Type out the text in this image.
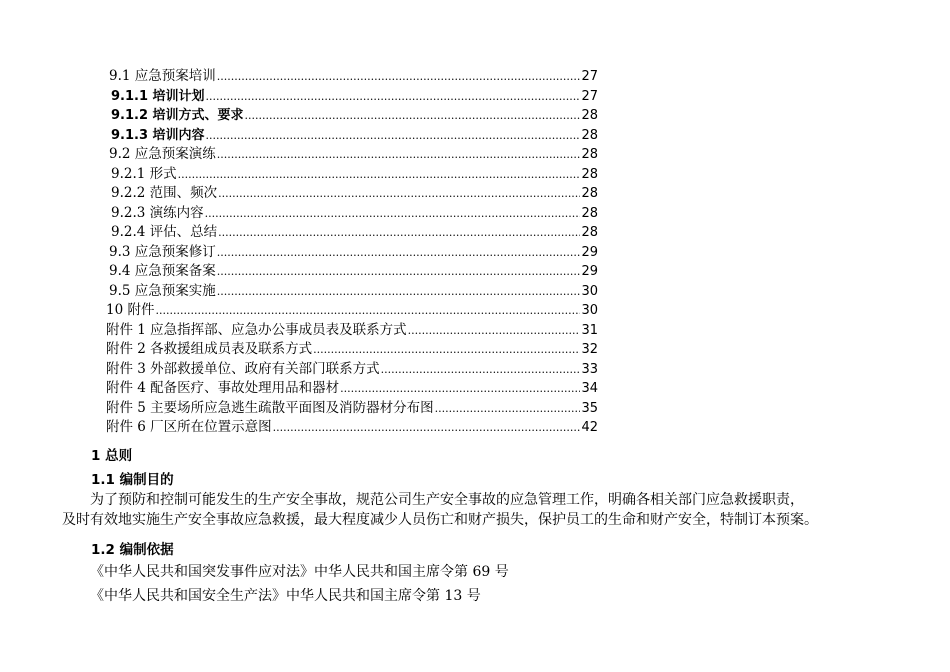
9.1 应急预案培训 .....	27
9.1.1 培训计划 .....	27
9.1.2 培训方式、要求 .....	28
9.1.3 培训内容 .....	28
9.2 应急预案演练 .....	28
9.2.1 形式 .....	28
9.2.2 范围、频次 .....	28
9.2.3 演练内容 .....	28
9.2.4 评估、总结 .....	28
9.3 应急预案修订 .....	29
9.4 应急预案备案 .....	29
9.5 应急预案实施 .....	30
10 附件 .....	30
附件 1 应急指挥部、应急办公事成员表及联系方式 .....	31
附件 2 各救援组成员表及联系方式 .....	32
附件 3 外部救援单位、政府有关部门联系方式 .....	33
附件 4 配备医疗、事故处理用品和器材 .....	34
附件 5 主要场所应急逃生疏散平面图及消防器材分布图 .....	35
附件 6 厂区所在位置示意图 .....	42
1 总则
1.1 编制目的
为了预防和控制可能发生的生产安全事故，规范公司生产安全事故的应急管理工作，明确各相关部门应急救援职责，
及时有效地实施生产安全事故应急救援，最大程度减少人员伤亡和财产损失，保护员工的生命和财产安全，特制订本预案。
1.2 编制依据
《中华人民共和国突发事件应对法》中华人民共和国主席令第 69 号
《中华人民共和国安全生产法》中华人民共和国主席令第 13 号
